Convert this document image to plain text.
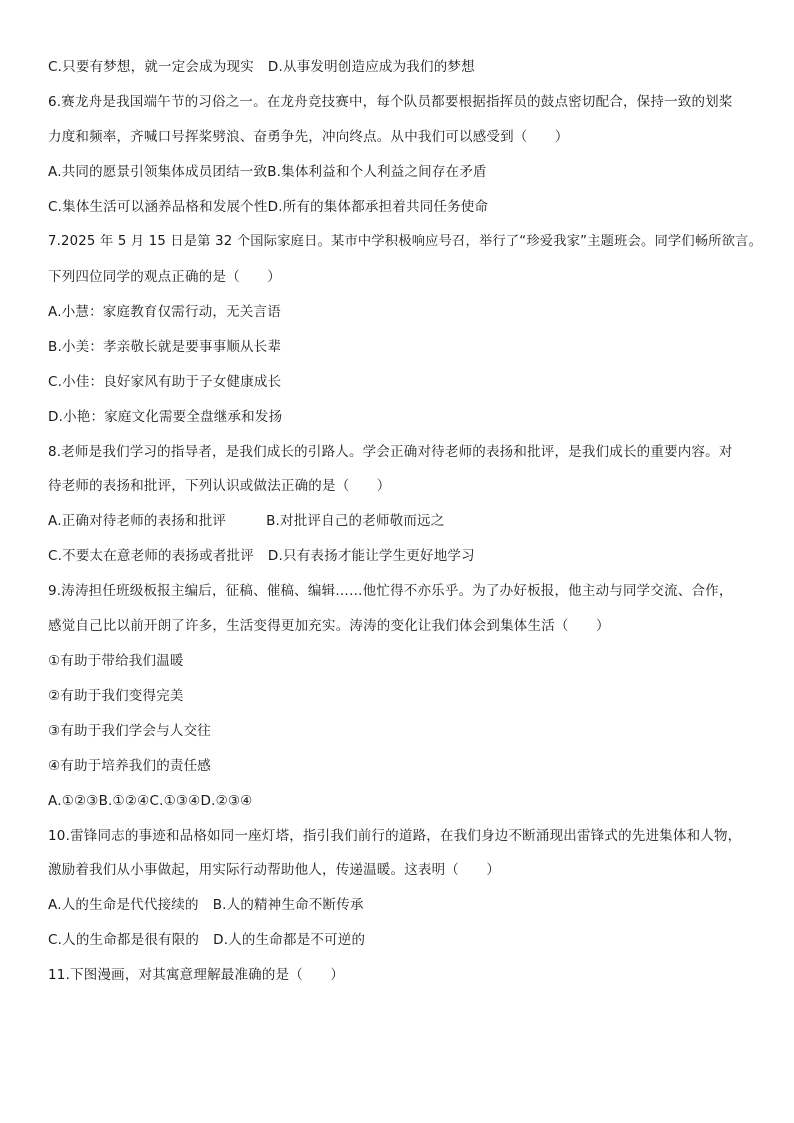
C.只要有梦想，就一定会成为现实 D.从事发明创造应成为我们的梦想
6.赛龙舟是我国端午节的习俗之一。在龙舟竞技赛中，每个队员都要根据指挥员的鼓点密切配合，保持一致的划桨
力度和频率，齐喊口号挥桨劈浪、奋勇争先，冲向终点。从中我们可以感受到（　　）
A.共同的愿景引领集体成员团结一致B.集体利益和个人利益之间存在矛盾
C.集体生活可以涵养品格和发展个性D.所有的集体都承担着共同任务使命
7.2025 年 5 月 15 日是第 32 个国际家庭日。某市中学积极响应号召，举行了“珍爱我家”主题班会。同学们畅所欲言。
下列四位同学的观点正确的是（　　）
A.小慧：家庭教育仅需行动，无关言语
B.小美：孝亲敬长就是要事事顺从长辈
C.小佳：良好家风有助于子女健康成长
D.小艳：家庭文化需要全盘继承和发扬
8.老师是我们学习的指导者，是我们成长的引路人。学会正确对待老师的表扬和批评，是我们成长的重要内容。对
待老师的表扬和批评，下列认识或做法正确的是（　　）
A.正确对待老师的表扬和批评	B.对批评自己的老师敬而远之
C.不要太在意老师的表扬或者批评 D.只有表扬才能让学生更好地学习
9.涛涛担任班级板报主编后，征稿、催稿、编辑……他忙得不亦乐乎。为了办好板报，他主动与同学交流、合作，
感觉自己比以前开朗了许多，生活变得更加充实。涛涛的变化让我们体会到集体生活（　　）
①有助于带给我们温暖
②有助于我们变得完美
③有助于我们学会与人交往
④有助于培养我们的责任感
A.①②③B.①②④C.①③④D.②③④
10.雷锋同志的事迹和品格如同一座灯塔，指引我们前行的道路，在我们身边不断涌现出雷锋式的先进集体和人物，
激励着我们从小事做起，用实际行动帮助他人，传递温暖。这表明（　　）
A.人的生命是代代接续的 B.人的精神生命不断传承
C.人的生命都是很有限的 D.人的生命都是不可逆的
11.下图漫画，对其寓意理解最准确的是（　　）
